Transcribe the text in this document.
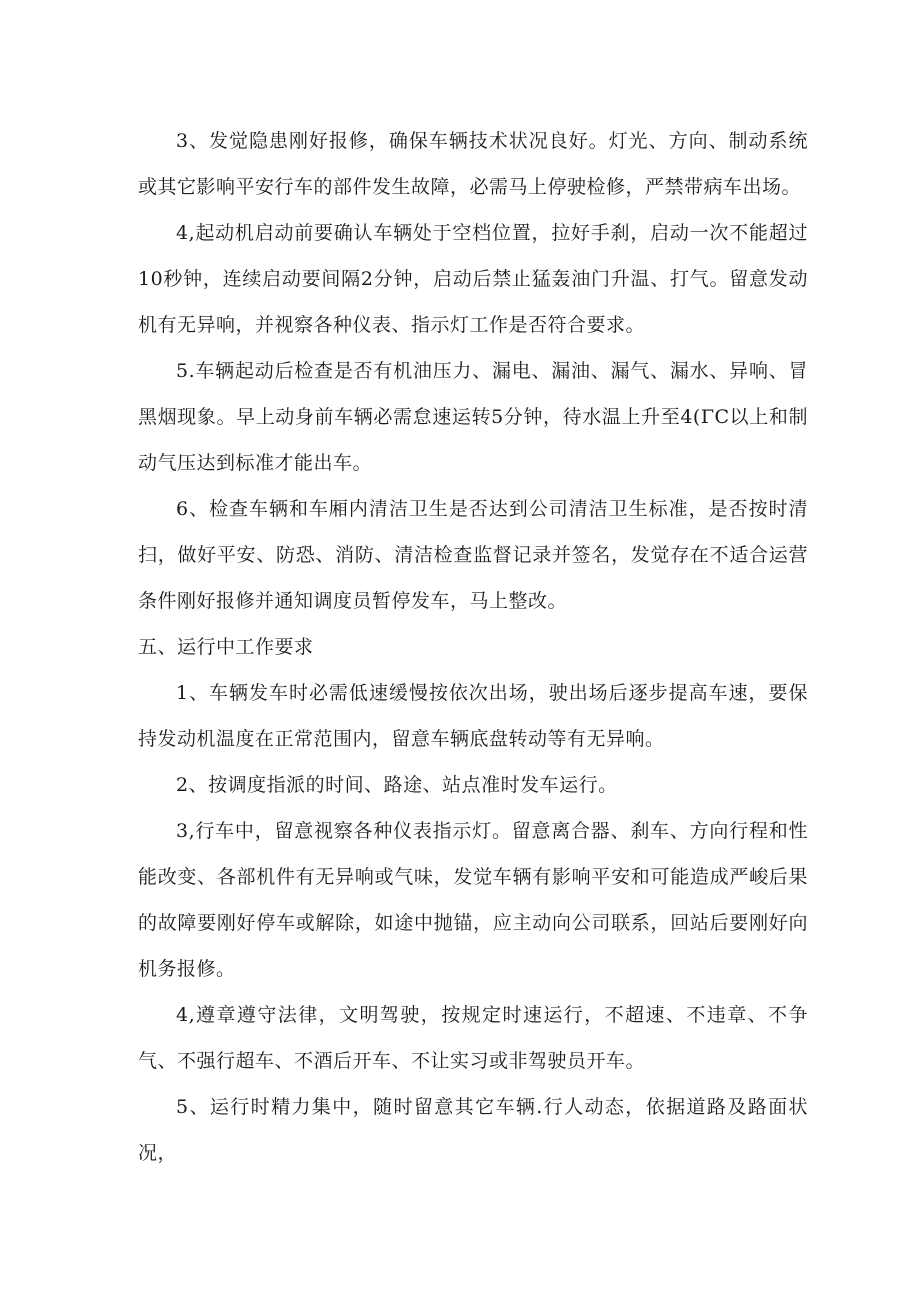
3、发觉隐患刚好报修，确保车辆技术状况良好。灯光、方向、制动系统或其它影响平安行车的部件发生故障，必需马上停驶检修，严禁带病车出场。

4,起动机启动前要确认车辆处于空档位置，拉好手刹，启动一次不能超过10秒钟，连续启动要间隔2分钟，启动后禁止猛轰油门升温、打气。留意发动机有无异响，并视察各种仪表、指示灯工作是否符合要求。

5.车辆起动后检查是否有机油压力、漏电、漏油、漏气、漏水、异响、冒黑烟现象。早上动身前车辆必需怠速运转5分钟，待水温上升至4(ΓC以上和制动气压达到标准才能出车。

6、检查车辆和车厢内清洁卫生是否达到公司清洁卫生标准，是否按时清扫，做好平安、防恐、消防、清洁检查监督记录并签名，发觉存在不适合运营条件刚好报修并通知调度员暂停发车，马上整改。

五、运行中工作要求

1、车辆发车时必需低速缓慢按依次出场，驶出场后逐步提高车速，要保持发动机温度在正常范围内，留意车辆底盘转动等有无异响。

2、按调度指派的时间、路途、站点准时发车运行。

3,行车中，留意视察各种仪表指示灯。留意离合器、刹车、方向行程和性能改变、各部机件有无异响或气味，发觉车辆有影响平安和可能造成严峻后果的故障要刚好停车或解除，如途中抛锚，应主动向公司联系，回站后要刚好向机务报修。

4,遵章遵守法律，文明驾驶，按规定时速运行，不超速、不违章、不争气、不强行超车、不酒后开车、不让实习或非驾驶员开车。

5、运行时精力集中，随时留意其它车辆.行人动态，依据道路及路面状况，
